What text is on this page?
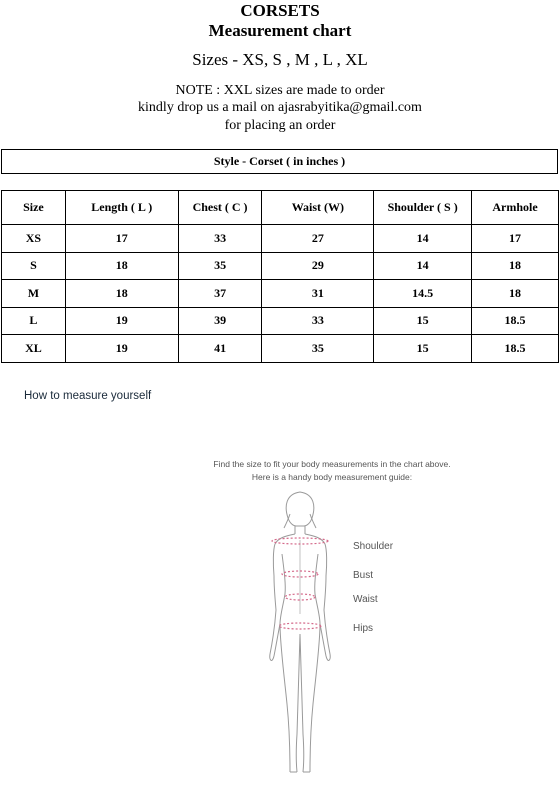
CORSETS
Measurement chart
Sizes - XS, S , M , L , XL
NOTE : XXL sizes are made to order
kindly drop us a mail on ajasrabyitika@gmail.com
for placing an order
Style - Corset ( in inches )
Size	Length ( L )	Chest ( C )	Waist (W)	Shoulder ( S )	Armhole
XS	17	33	27	14	17
S	18	35	29	14	18
M	18	37	31	14.5	18
L	19	39	33	15	18.5
XL	19	41	35	15	18.5
How to measure yourself
Find the size to fit your body measurements in the chart above.
Here is a handy body measurement guide:
Shoulder
Bust
Waist
Hips
